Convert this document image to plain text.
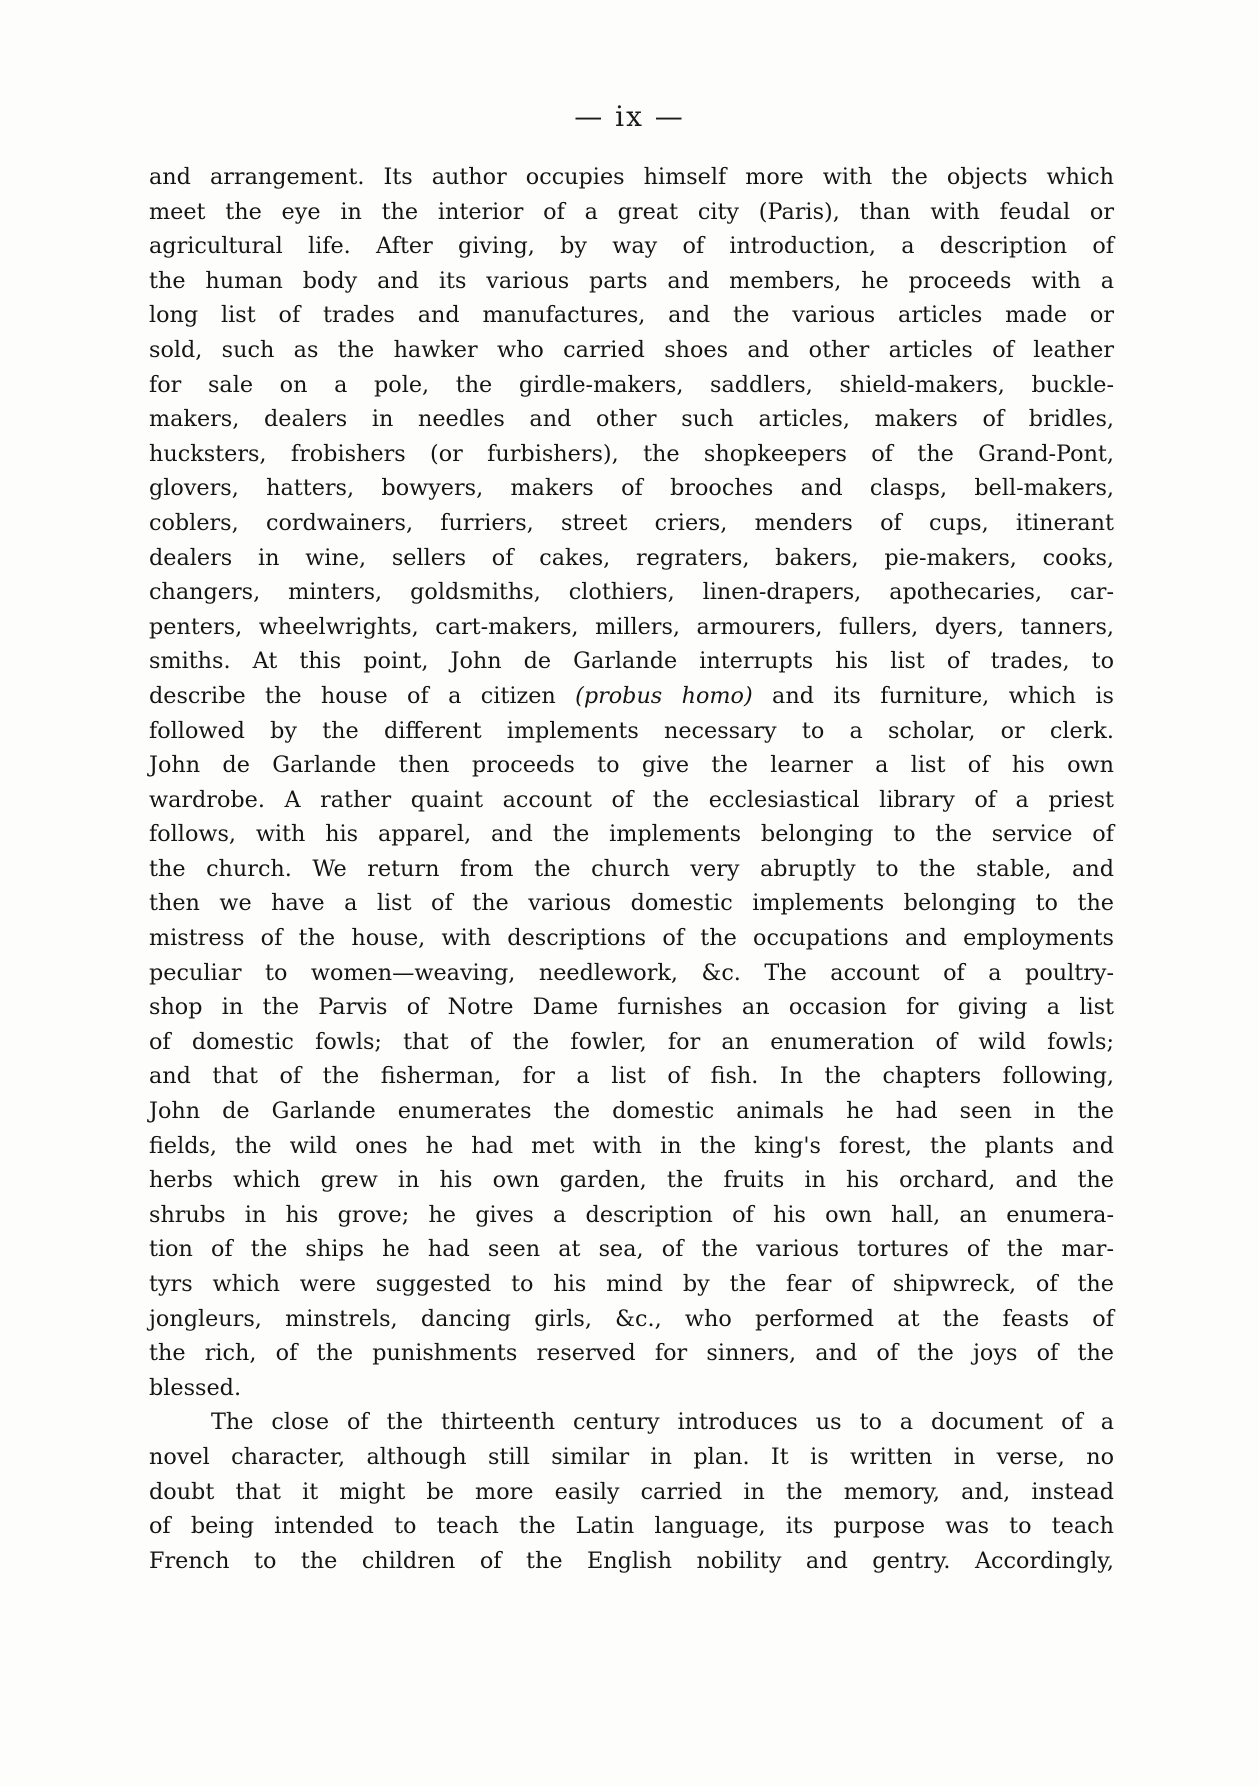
— ix —

and arrangement. Its author occupies himself more with the objects which
meet the eye in the interior of a great city (Paris), than with feudal or
agricultural life. After giving, by way of introduction, a description of
the human body and its various parts and members, he proceeds with a
long list of trades and manufactures, and the various articles made or
sold, such as the hawker who carried shoes and other articles of leather
for sale on a pole, the girdle-makers, saddlers, shield-makers, buckle-
makers, dealers in needles and other such articles, makers of bridles,
hucksters, frobishers (or furbishers), the shopkeepers of the Grand-Pont,
glovers, hatters, bowyers, makers of brooches and clasps, bell-makers,
coblers, cordwainers, furriers, street criers, menders of cups, itinerant
dealers in wine, sellers of cakes, regraters, bakers, pie-makers, cooks,
changers, minters, goldsmiths, clothiers, linen-drapers, apothecaries, car-
penters, wheelwrights, cart-makers, millers, armourers, fullers, dyers, tanners,
smiths. At this point, John de Garlande interrupts his list of trades, to
describe the house of a citizen (probus homo) and its furniture, which is
followed by the different implements necessary to a scholar, or clerk.
John de Garlande then proceeds to give the learner a list of his own
wardrobe. A rather quaint account of the ecclesiastical library of a priest
follows, with his apparel, and the implements belonging to the service of
the church. We return from the church very abruptly to the stable, and
then we have a list of the various domestic implements belonging to the
mistress of the house, with descriptions of the occupations and employments
peculiar to women—weaving, needlework, &c. The account of a poultry-
shop in the Parvis of Notre Dame furnishes an occasion for giving a list
of domestic fowls; that of the fowler, for an enumeration of wild fowls;
and that of the fisherman, for a list of fish. In the chapters following,
John de Garlande enumerates the domestic animals he had seen in the
fields, the wild ones he had met with in the king's forest, the plants and
herbs which grew in his own garden, the fruits in his orchard, and the
shrubs in his grove; he gives a description of his own hall, an enumera-
tion of the ships he had seen at sea, of the various tortures of the mar-
tyrs which were suggested to his mind by the fear of shipwreck, of the
jongleurs, minstrels, dancing girls, &c., who performed at the feasts of
the rich, of the punishments reserved for sinners, and of the joys of the
blessed.

The close of the thirteenth century introduces us to a document of a
novel character, although still similar in plan. It is written in verse, no
doubt that it might be more easily carried in the memory, and, instead
of being intended to teach the Latin language, its purpose was to teach
French to the children of the English nobility and gentry. Accordingly,
